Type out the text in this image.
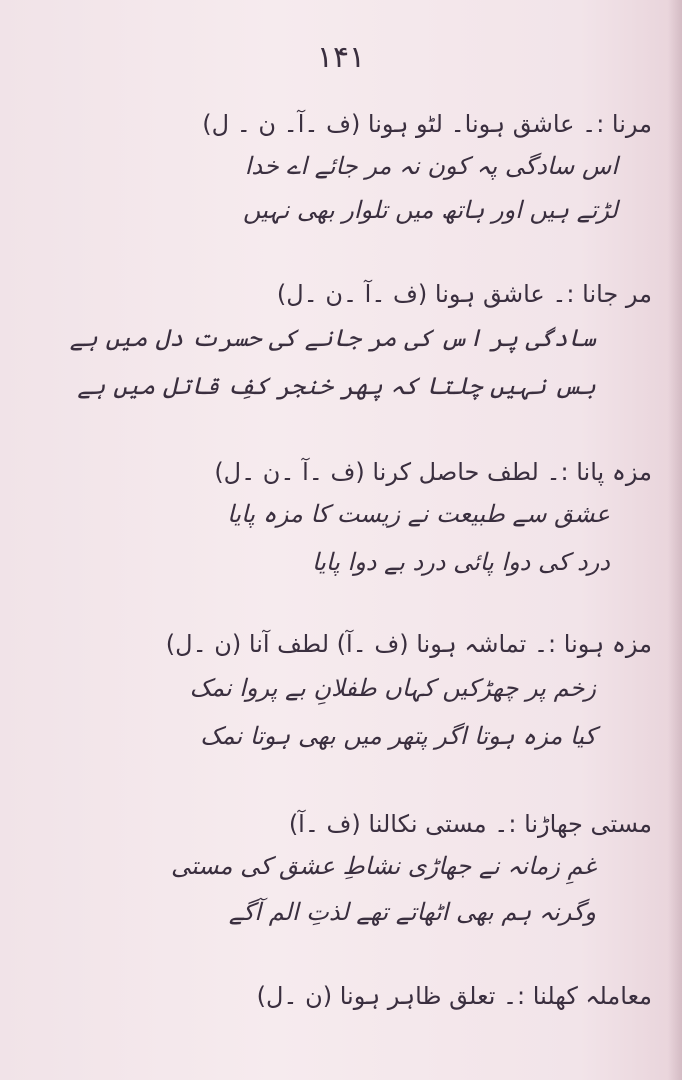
۱۴۱
مرنا :۔ عاشق ہونا۔ لٹو ہونا (ف ۔آ۔ ن ۔ ل)
اس سادگی پہ کون نہ مر جائے اے خدا
لڑتے ہیں اور ہاتھ میں تلوار بھی نہیں
مر جانا :۔ عاشق ہونا (ف ۔آ ۔ن ۔ل)
سادگی پر اس کی مر جانے کی حسرت دل میں ہے
بس نہیں چلتا کہ پھر خنجر کفِ قاتل میں ہے
مزہ پانا :۔ لطف حاصل کرنا (ف ۔آ ۔ن ۔ل)
عشق سے طبیعت نے زیست کا مزہ پایا
درد کی دوا پائی درد بے دوا پایا
مزہ ہونا :۔ تماشہ ہونا (ف ۔آ) لطف آنا (ن ۔ل)
زخم پر چھڑکیں کہاں طفلانِ بے پروا نمک
کیا مزہ ہوتا اگر پتھر میں بھی ہوتا نمک
مستی جھاڑنا :۔ مستی نکالنا (ف ۔آ)
غمِ زمانہ نے جھاڑی نشاطِ عشق کی مستی
وگرنہ ہم بھی اٹھاتے تھے لذتِ الم آگے
معاملہ کھلنا :۔ تعلق ظاہر ہونا (ن ۔ل)
